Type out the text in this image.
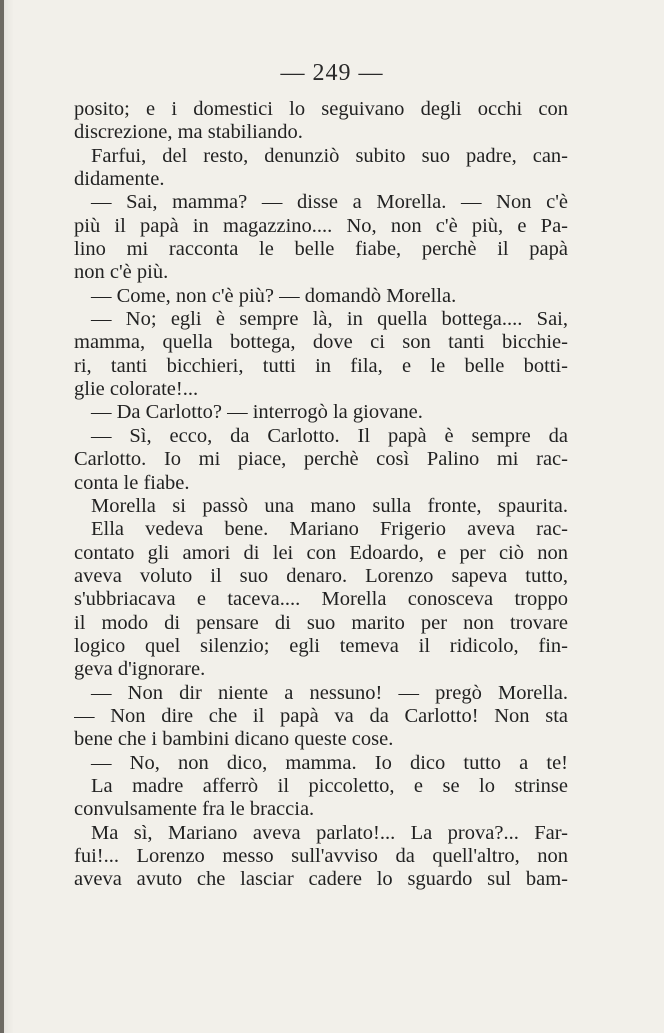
— 249 —
posito; e i domestici lo seguivano degli occhi con
discrezione, ma stabiliando.
Farfui, del resto, denunziò subito suo padre, can-
didamente.
— Sai, mamma? — disse a Morella. — Non c'è
più il papà in magazzino.... No, non c'è più, e Pa-
lino mi racconta le belle fiabe, perchè il papà
non c'è più.
— Come, non c'è più? — domandò Morella.
— No; egli è sempre là, in quella bottega.... Sai,
mamma, quella bottega, dove ci son tanti bicchie-
ri, tanti bicchieri, tutti in fila, e le belle botti-
glie colorate!...
— Da Carlotto? — interrogò la giovane.
— Sì, ecco, da Carlotto. Il papà è sempre da
Carlotto. Io mi piace, perchè così Palino mi rac-
conta le fiabe.
Morella si passò una mano sulla fronte, spaurita.
Ella vedeva bene. Mariano Frigerio aveva rac-
contato gli amori di lei con Edoardo, e per ciò non
aveva voluto il suo denaro. Lorenzo sapeva tutto,
s'ubbriacava e taceva.... Morella conosceva troppo
il modo di pensare di suo marito per non trovare
logico quel silenzio; egli temeva il ridicolo, fin-
geva d'ignorare.
— Non dir niente a nessuno! — pregò Morella.
— Non dire che il papà va da Carlotto! Non sta
bene che i bambini dicano queste cose.
— No, non dico, mamma. Io dico tutto a te!
La madre afferrò il piccoletto, e se lo strinse
convulsamente fra le braccia.
Ma sì, Mariano aveva parlato!... La prova?... Far-
fui!... Lorenzo messo sull'avviso da quell'altro, non
aveva avuto che lasciar cadere lo sguardo sul bam-
